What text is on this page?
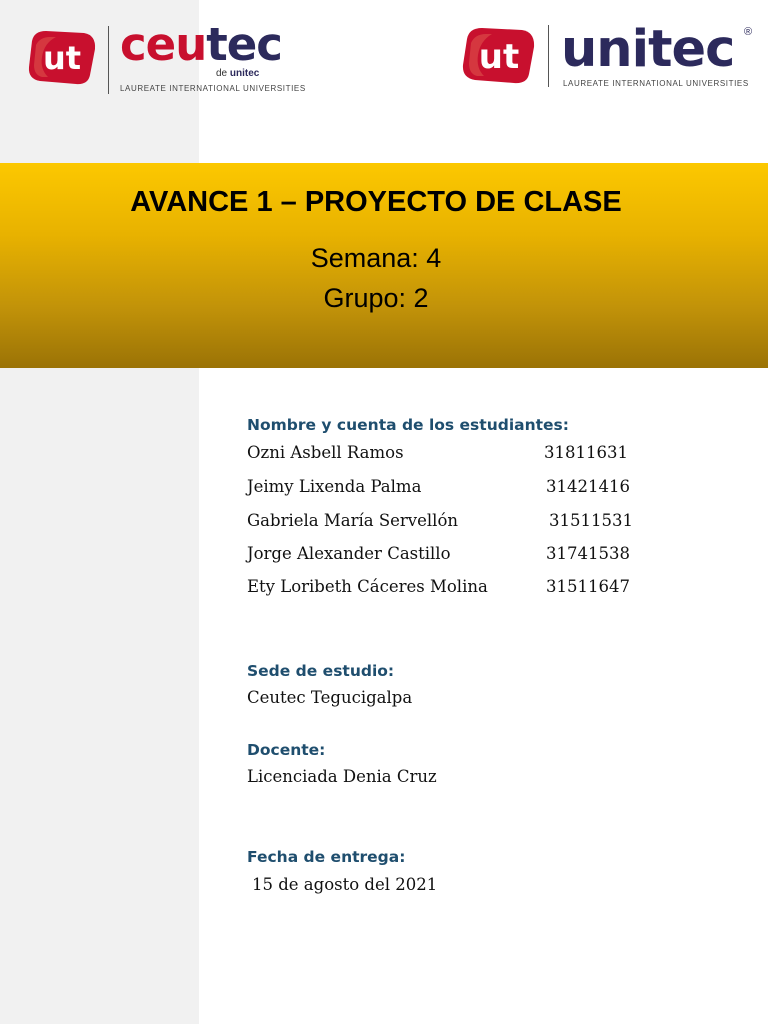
ut ceutec
de unitec
LAUREATE INTERNATIONAL UNIVERSITIES
ut unitec ®
LAUREATE INTERNATIONAL UNIVERSITIES
AVANCE 1 – PROYECTO DE CLASE
Semana: 4
Grupo: 2
Nombre y cuenta de los estudiantes:
Ozni Asbell Ramos	31811631
Jeimy Lixenda Palma	31421416
Gabriela María Servellón	31511531
Jorge Alexander Castillo	31741538
Ety Loribeth Cáceres Molina	31511647
Sede de estudio:
Ceutec Tegucigalpa
Docente:
Licenciada Denia Cruz
Fecha de entrega:
15 de agosto del 2021
